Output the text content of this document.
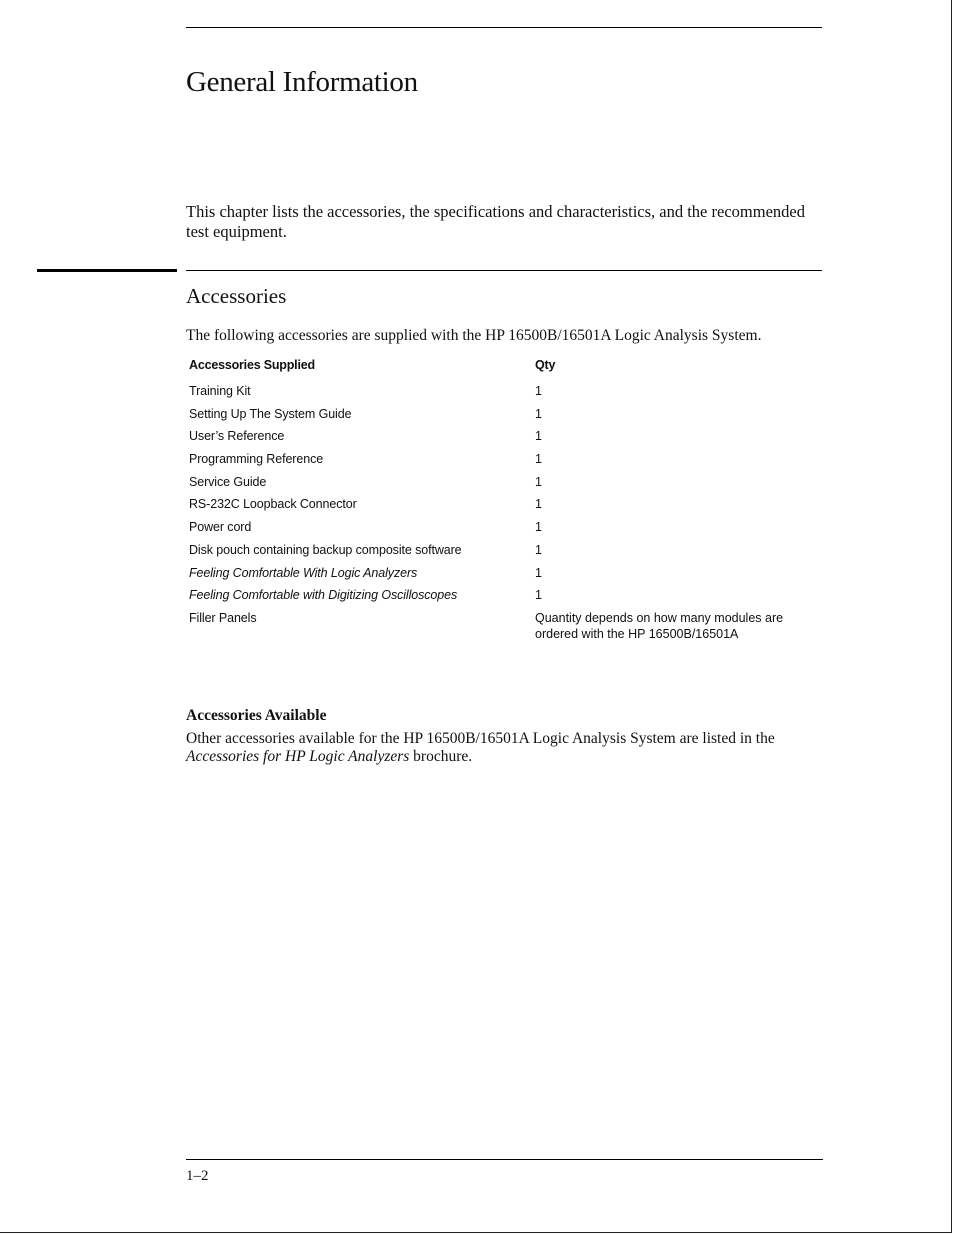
General Information

This chapter lists the accessories, the specifications and characteristics, and the recommended test equipment.

Accessories

The following accessories are supplied with the HP 16500B/16501A Logic Analysis System.

Accessories Supplied	Qty
Training Kit	1
Setting Up The System Guide	1
User’s Reference	1
Programming Reference	1
Service Guide	1
RS-232C Loopback Connector	1
Power cord	1
Disk pouch containing backup composite software	1
Feeling Comfortable With Logic Analyzers	1
Feeling Comfortable with Digitizing Oscilloscopes	1
Filler Panels	Quantity depends on how many modules are ordered with the HP 16500B/16501A
Accessories Available

Other accessories available for the HP 16500B/16501A Logic Analysis System are listed in the Accessories for HP Logic Analyzers brochure.

1–2
